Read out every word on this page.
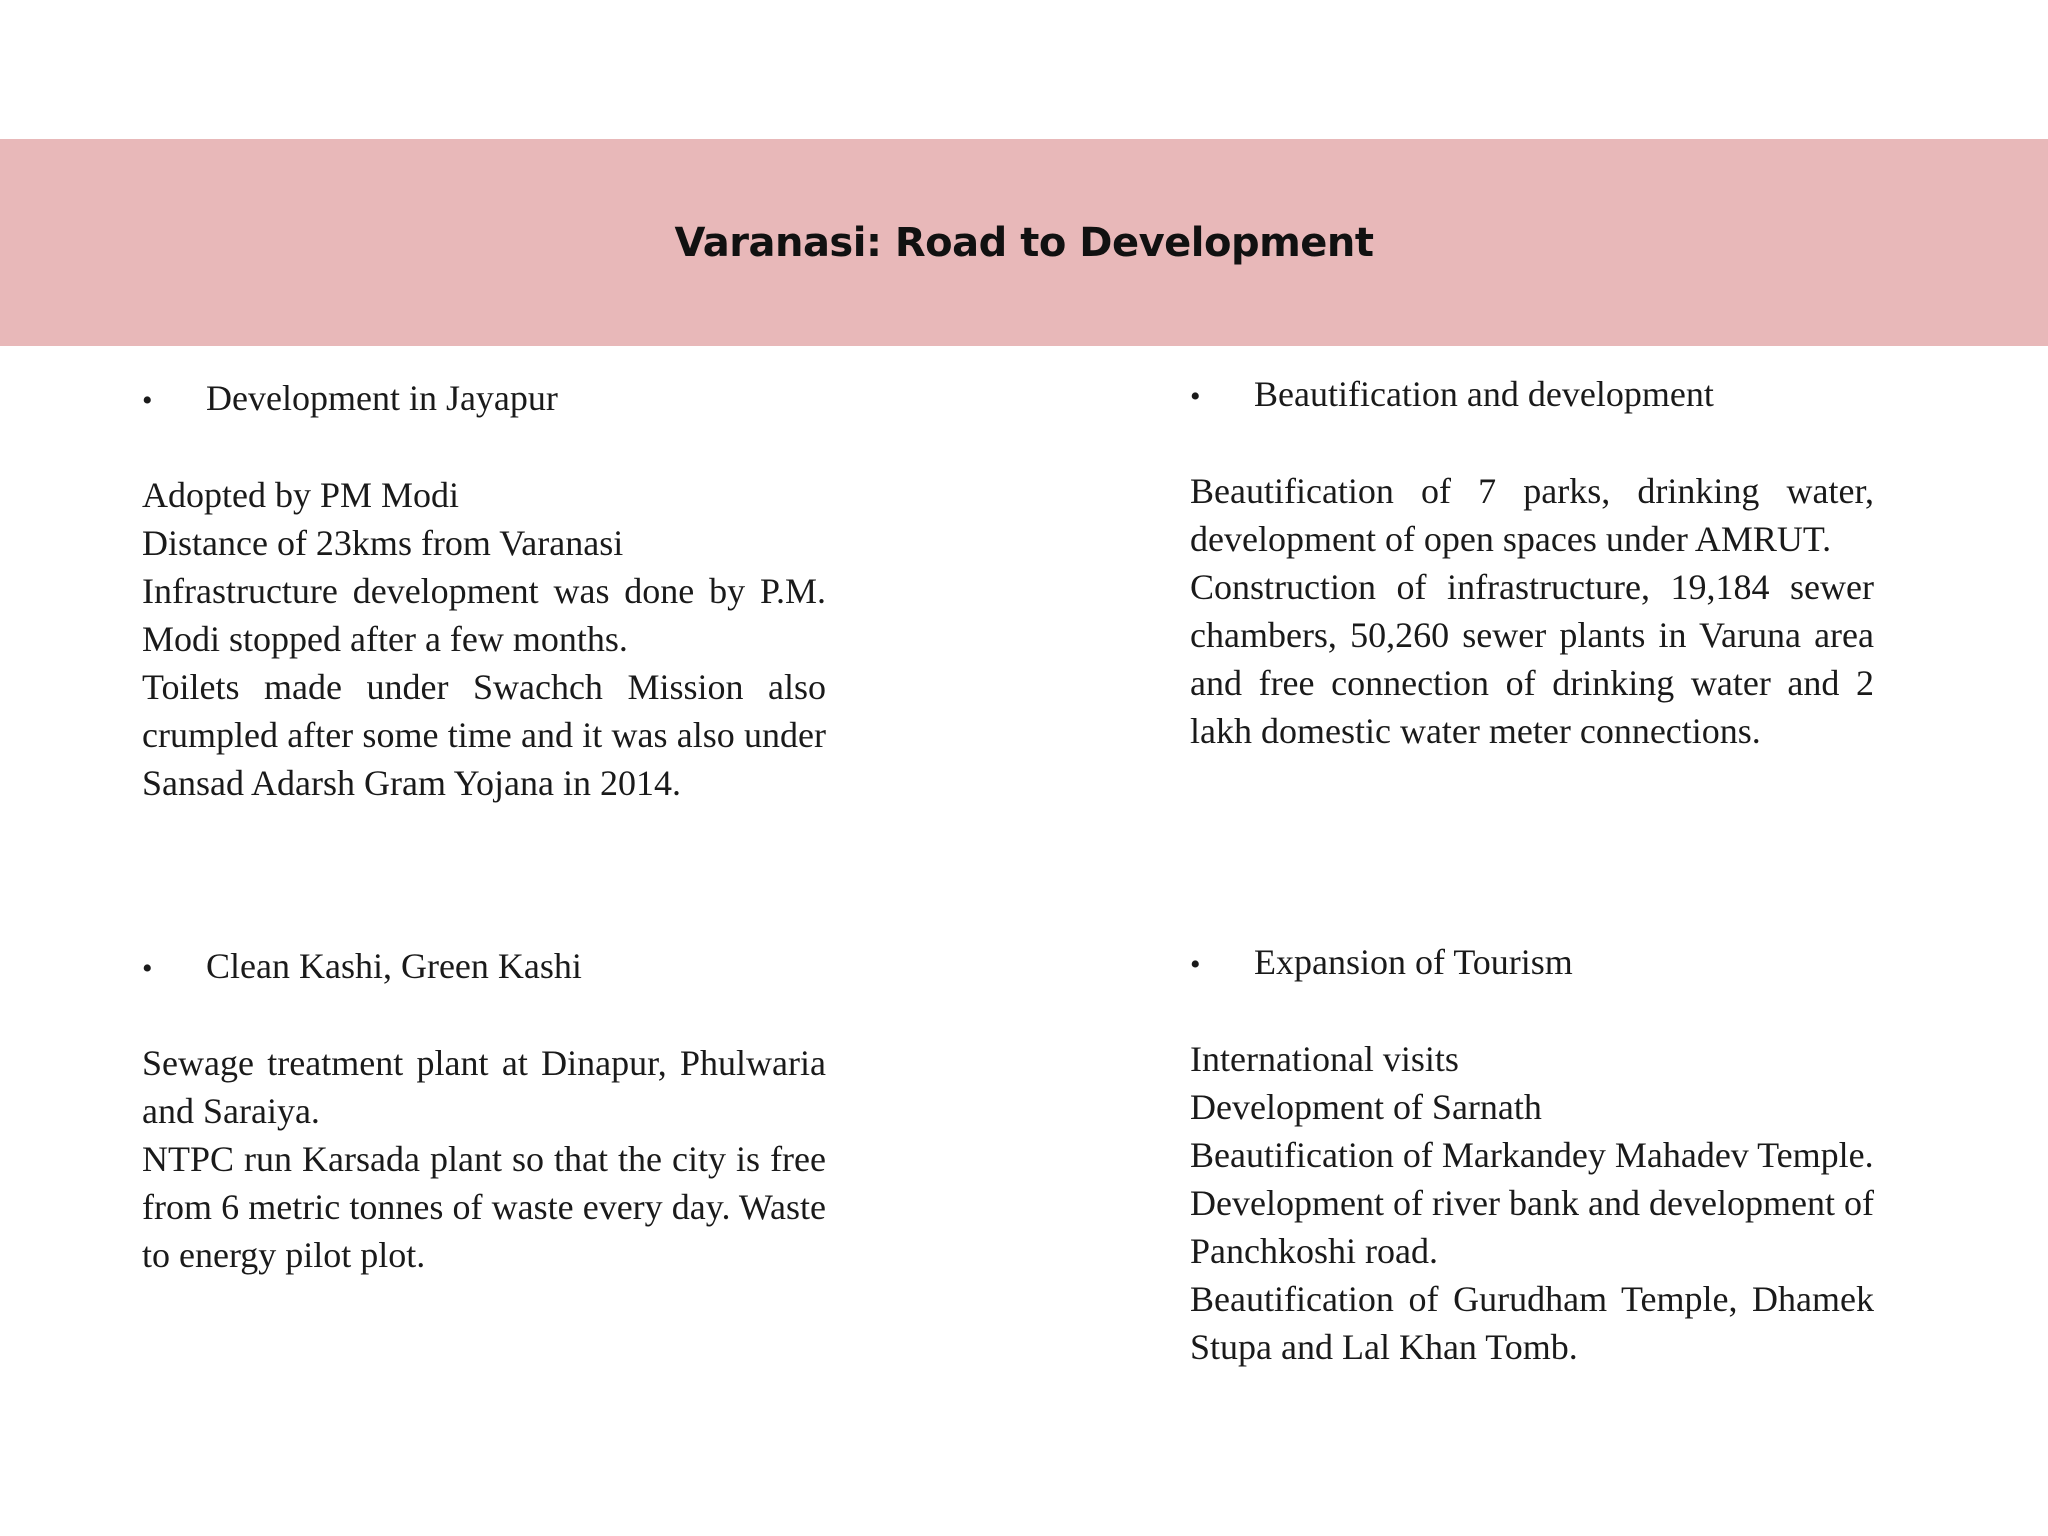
Varanasi: Road to Development
•	Development in Jayapur

Adopted by PM Modi

Distance of 23kms from Varanasi

Infrastructure development was done by P.M. Modi stopped after a few months.

Toilets made under Swachch Mission also crumpled after some time and it was also under Sansad Adarsh Gram Yojana in 2014.

•	Beautification and development

Beautification of 7 parks, drinking water, development of open spaces under AMRUT.

Construction of infrastructure, 19,184 sewer chambers, 50,260 sewer plants in Varuna area and free connection of drinking water and 2 lakh domestic water meter connections.

•	Clean Kashi, Green Kashi

Sewage treatment plant at Dinapur, Phulwaria and Saraiya.

NTPC run Karsada plant so that the city is free from 6 metric tonnes of waste every day. Waste to energy pilot plot.

•	Expansion of Tourism

International visits

Development of Sarnath

Beautification of Markandey Mahadev Temple.

Development of river bank and development of Panchkoshi road.

Beautification of Gurudham Temple, Dhamek Stupa and Lal Khan Tomb.
